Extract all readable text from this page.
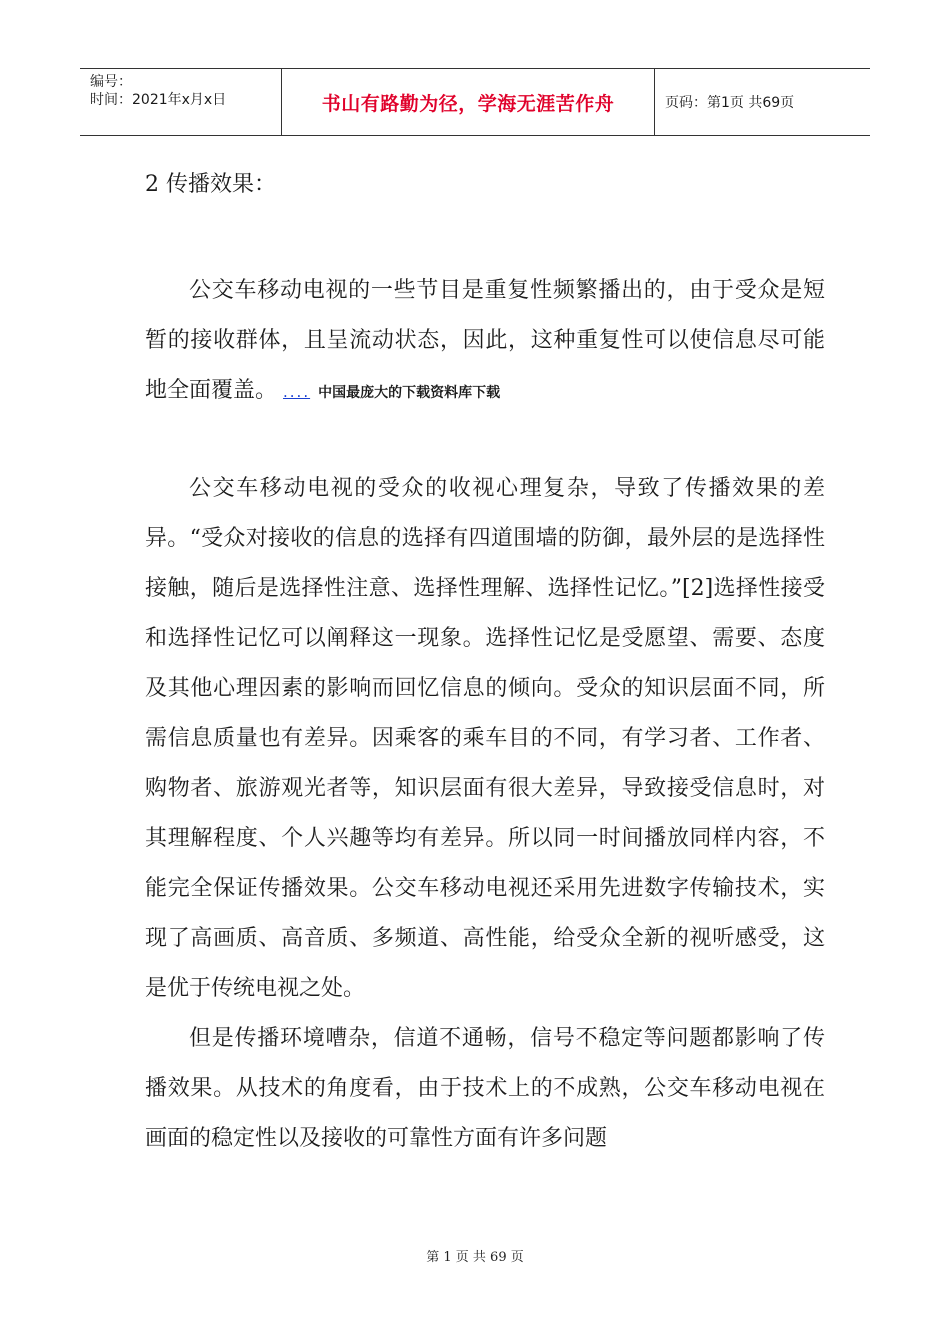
编号：
时间：2021年x月x日	书山有路勤为径，学海无涯苦作舟	页码：第1页 共69页

2 传播效果：

公交车移动电视的一些节目是重复性频繁播出的，由于受众是短暂的接收群体，且呈流动状态，因此，这种重复性可以使信息尽可能地全面覆盖。 .... 中国最庞大的下载资料库下载

公交车移动电视的受众的收视心理复杂，导致了传播效果的差异。“受众对接收的信息的选择有四道围墙的防御，最外层的是选择性接触，随后是选择性注意、选择性理解、选择性记忆。”[2]选择性接受和选择性记忆可以阐释这一现象。选择性记忆是受愿望、需要、态度及其他心理因素的影响而回忆信息的倾向。受众的知识层面不同，所需信息质量也有差异。因乘客的乘车目的不同，有学习者、工作者、购物者、旅游观光者等，知识层面有很大差异，导致接受信息时，对其理解程度、个人兴趣等均有差异。所以同一时间播放同样内容，不能完全保证传播效果。公交车移动电视还采用先进数字传输技术，实现了高画质、高音质、多频道、高性能，给受众全新的视听感受，这是优于传统电视之处。

但是传播环境嘈杂，信道不通畅，信号不稳定等问题都影响了传播效果。从技术的角度看，由于技术上的不成熟，公交车移动电视在画面的稳定性以及接收的可靠性方面有许多问题

第 1 页 共 69 页
